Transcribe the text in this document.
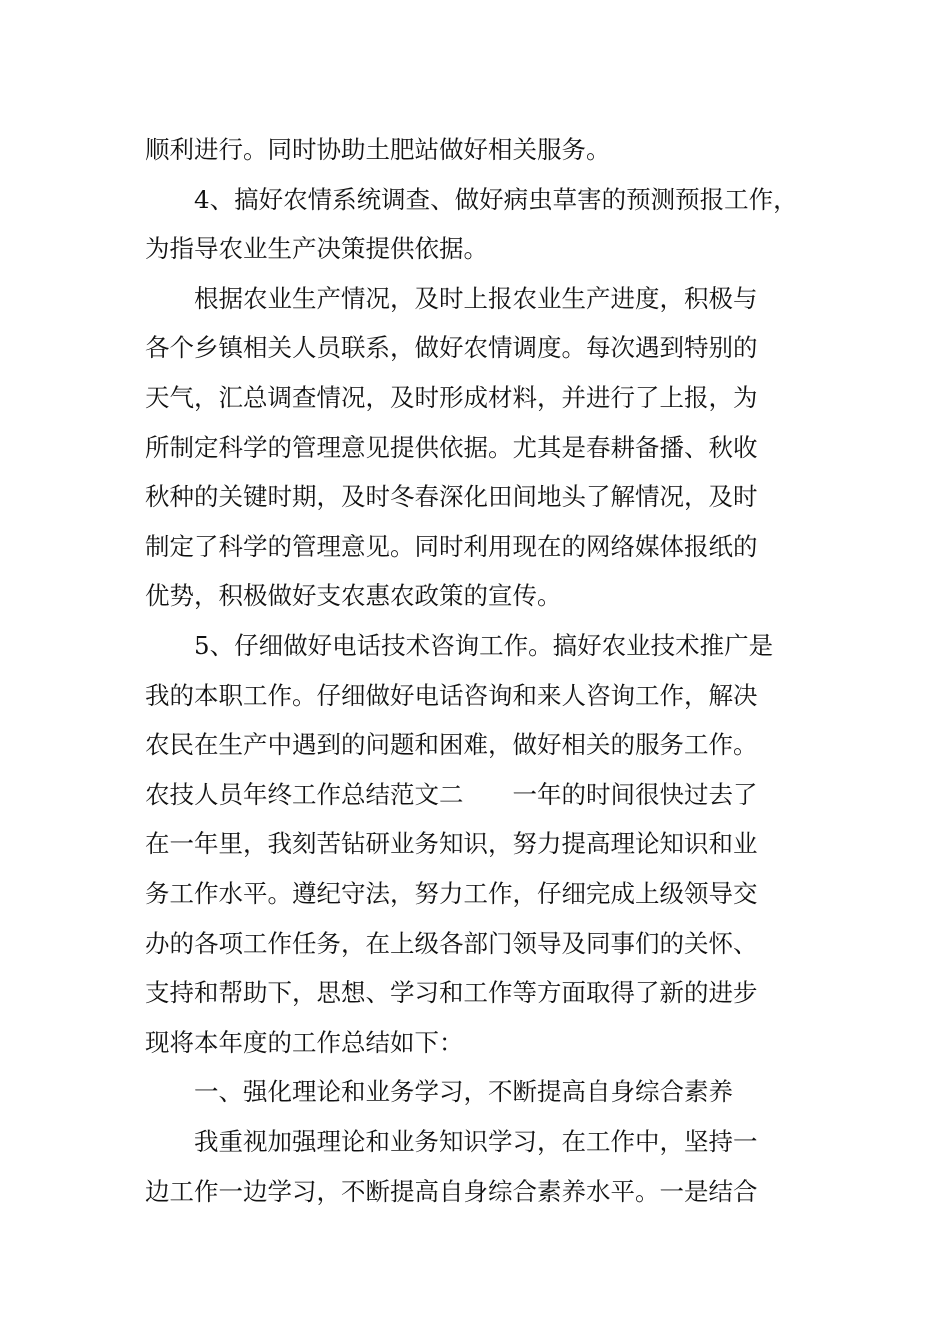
顺利进行。同时协助土肥站做好相关服务。
4、搞好农情系统调查、做好病虫草害的预测预报工作，
为指导农业生产决策提供依据。
根据农业生产情况，及时上报农业生产进度，积极与
各个乡镇相关人员联系，做好农情调度。每次遇到特别的
天气，汇总调查情况，及时形成材料，并进行了上报，为
所制定科学的管理意见提供依据。尤其是春耕备播、秋收
秋种的关键时期，及时冬春深化田间地头了解情况，及时
制定了科学的管理意见。同时利用现在的网络媒体报纸的
优势，积极做好支农惠农政策的宣传。
5、仔细做好电话技术咨询工作。搞好农业技术推广是
我的本职工作。仔细做好电话咨询和来人咨询工作，解决
农民在生产中遇到的问题和困难，做好相关的服务工作。
农技人员年终工作总结范文二　　一年的时间很快过去了
在一年里，我刻苦钻研业务知识，努力提高理论知识和业
务工作水平。遵纪守法，努力工作，仔细完成上级领导交
办的各项工作任务，在上级各部门领导及同事们的关怀、
支持和帮助下，思想、学习和工作等方面取得了新的进步
现将本年度的工作总结如下：
一、强化理论和业务学习，不断提高自身综合素养
我重视加强理论和业务知识学习，在工作中，坚持一
边工作一边学习，不断提高自身综合素养水平。一是结合
